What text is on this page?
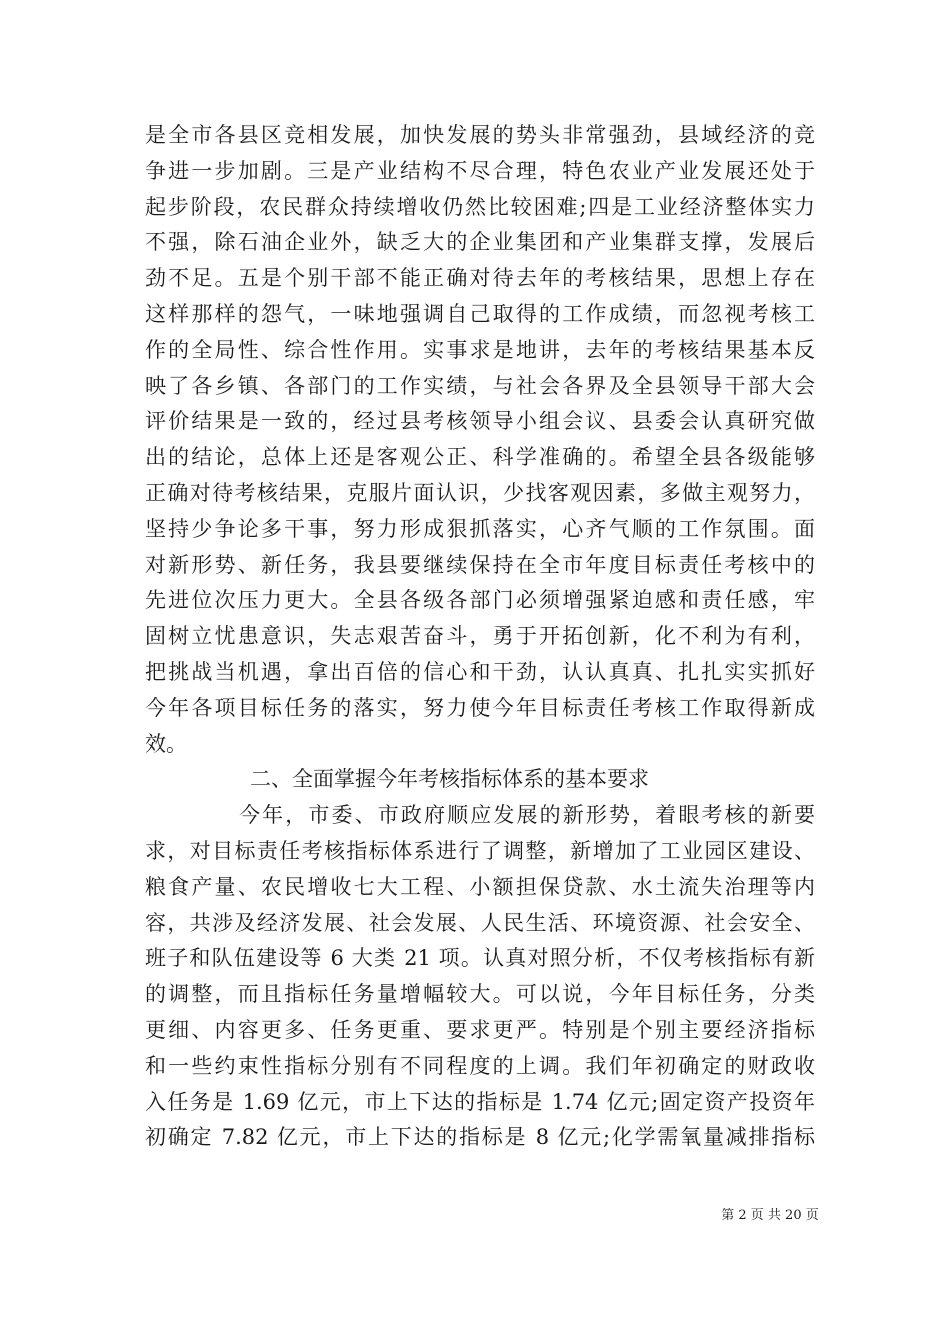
是全市各县区竞相发展，加快发展的势头非常强劲，县域经济的竞
争进一步加剧。三是产业结构不尽合理，特色农业产业发展还处于
起步阶段，农民群众持续增收仍然比较困难;四是工业经济整体实力
不强，除石油企业外，缺乏大的企业集团和产业集群支撑，发展后
劲不足。五是个别干部不能正确对待去年的考核结果，思想上存在
这样那样的怨气，一味地强调自己取得的工作成绩，而忽视考核工
作的全局性、综合性作用。实事求是地讲，去年的考核结果基本反
映了各乡镇、各部门的工作实绩，与社会各界及全县领导干部大会
评价结果是一致的，经过县考核领导小组会议、县委会认真研究做
出的结论，总体上还是客观公正、科学准确的。希望全县各级能够
正确对待考核结果，克服片面认识，少找客观因素，多做主观努力，
坚持少争论多干事，努力形成狠抓落实，心齐气顺的工作氛围。面
对新形势、新任务，我县要继续保持在全市年度目标责任考核中的
先进位次压力更大。全县各级各部门必须增强紧迫感和责任感，牢
固树立忧患意识，失志艰苦奋斗，勇于开拓创新，化不利为有利，
把挑战当机遇，拿出百倍的信心和干劲，认认真真、扎扎实实抓好
今年各项目标任务的落实，努力使今年目标责任考核工作取得新成
效。
二、全面掌握今年考核指标体系的基本要求
今年，市委、市政府顺应发展的新形势，着眼考核的新要
求，对目标责任考核指标体系进行了调整，新增加了工业园区建设、
粮食产量、农民增收七大工程、小额担保贷款、水土流失治理等内
容，共涉及经济发展、社会发展、人民生活、环境资源、社会安全、
班子和队伍建设等 6 大类 21 项。认真对照分析，不仅考核指标有新
的调整，而且指标任务量增幅较大。可以说，今年目标任务，分类
更细、内容更多、任务更重、要求更严。特别是个别主要经济指标
和一些约束性指标分别有不同程度的上调。我们年初确定的财政收
入任务是 1.69 亿元，市上下达的指标是 1.74 亿元;固定资产投资年
初确定 7.82 亿元，市上下达的指标是 8 亿元;化学需氧量减排指标
第 2 页 共 20 页
